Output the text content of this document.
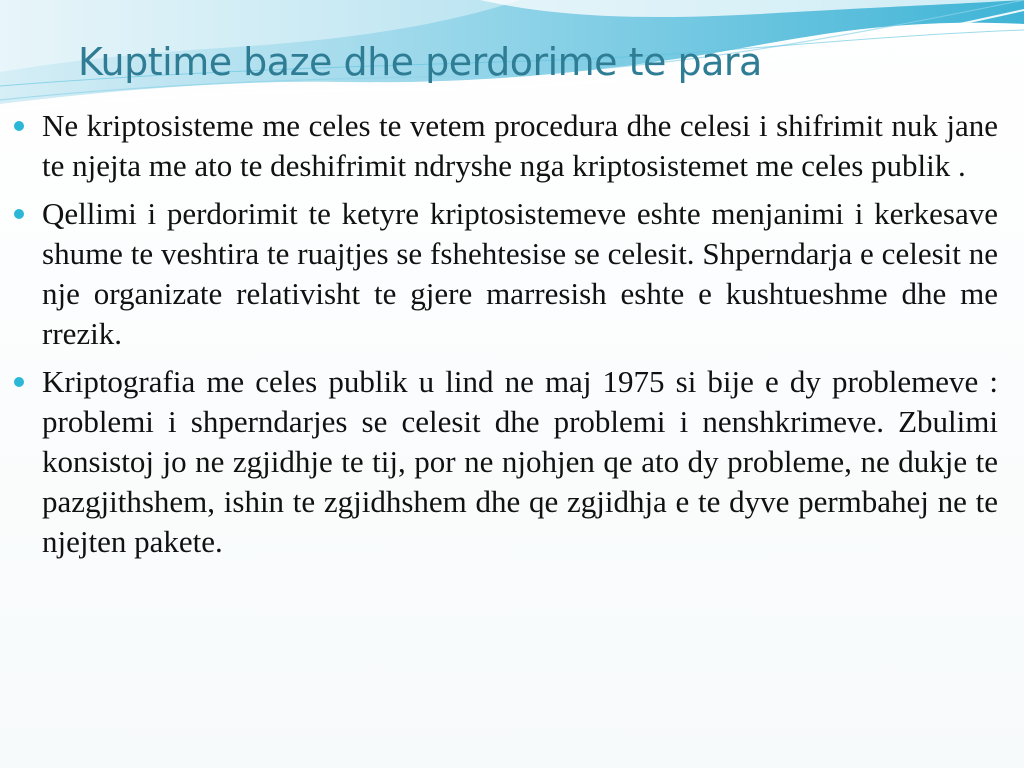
Kuptime baze dhe perdorime te para

Ne kriptosisteme me celes te vetem procedura dhe celesi i shifrimit nuk jane te njejta me ato te deshifrimit ndryshe nga kriptosistemet me celes publik .

Qellimi i perdorimit te ketyre kriptosistemeve eshte menjanimi i kerkesave shume te veshtira te ruajtjes se fshehtesise se celesit. Shperndarja e celesit ne nje organizate relativisht te gjere marresish eshte e kushtueshme dhe me rrezik.

Kriptografia me celes publik u lind ne maj 1975 si bije e dy problemeve : problemi i shperndarjes se celesit dhe problemi i nenshkrimeve. Zbulimi konsistoj jo ne zgjidhje te tij, por ne njohjen qe ato dy probleme, ne dukje te pazgjithshem, ishin te zgjidhshem dhe qe zgjidhja e te dyve permbahej ne te njejten pakete.
